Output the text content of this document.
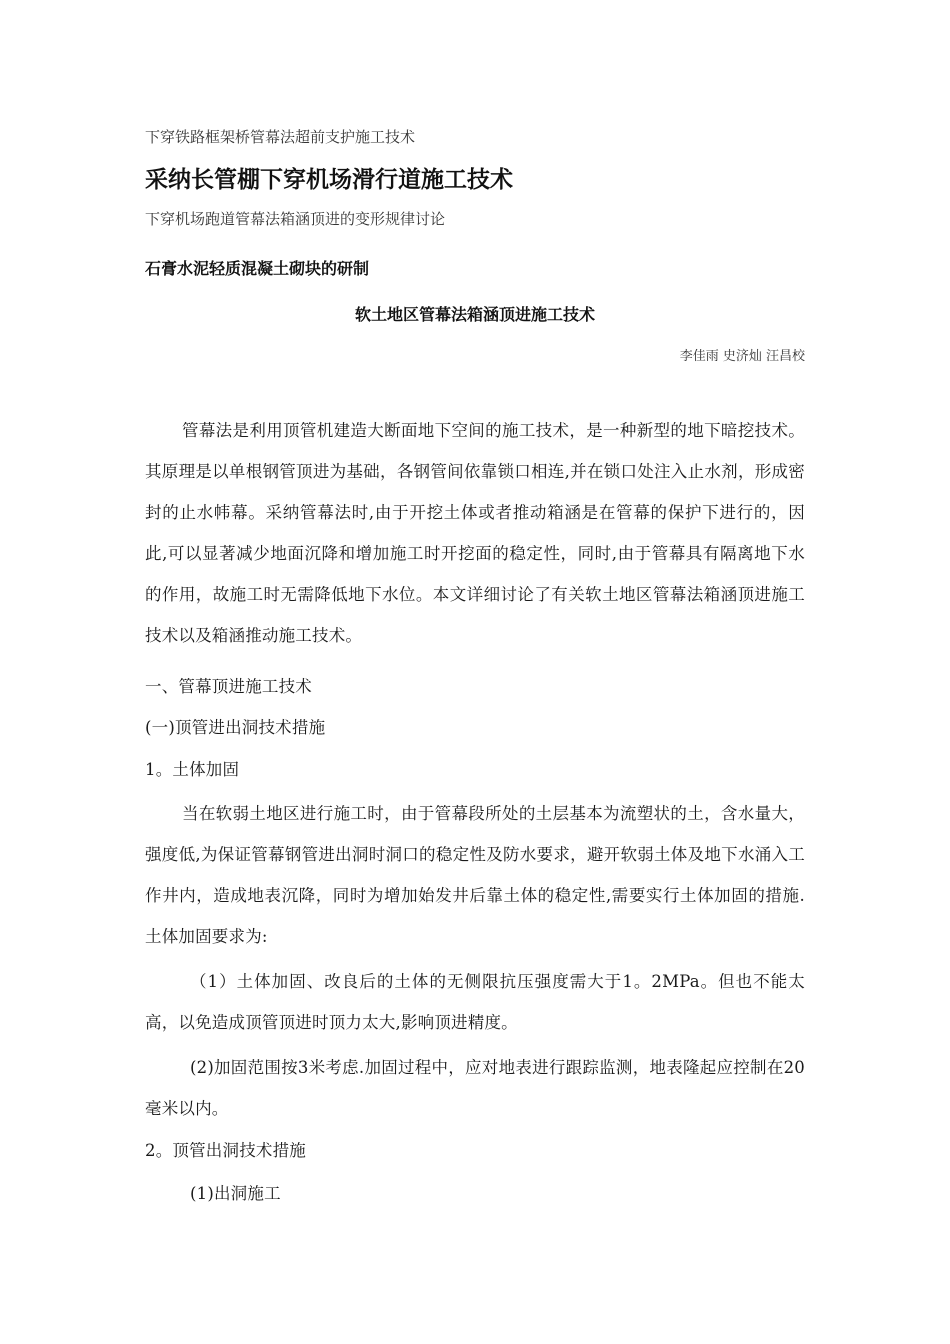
下穿铁路框架桥管幕法超前支护施工技术
采纳长管棚下穿机场滑行道施工技术
下穿机场跑道管幕法箱涵顶进的变形规律讨论
石膏水泥轻质混凝土砌块的研制
软土地区管幕法箱涵顶进施工技术
李佳雨 史济灿 汪昌校
管幕法是利用顶管机建造大断面地下空间的施工技术，是一种新型的地下暗挖技术。其原理是以单根钢管顶进为基础，各钢管间依靠锁口相连,并在锁口处注入止水剂，形成密封的止水帏幕。采纳管幕法时,由于开挖土体或者推动箱涵是在管幕的保护下进行的，因此,可以显著减少地面沉降和增加施工时开挖面的稳定性，同时,由于管幕具有隔离地下水的作用，故施工时无需降低地下水位。本文详细讨论了有关软土地区管幕法箱涵顶进施工技术以及箱涵推动施工技术。
一、管幕顶进施工技术
(一)顶管进出洞技术措施
1。土体加固
当在软弱土地区进行施工时，由于管幕段所处的土层基本为流塑状的土，含水量大，强度低,为保证管幕钢管进出洞时洞口的稳定性及防水要求，避开软弱土体及地下水涌入工作井内，造成地表沉降，同时为增加始发井后靠土体的稳定性,需要实行土体加固的措施.土体加固要求为:
（1）土体加固、改良后的土体的无侧限抗压强度需大于1。2MPa。但也不能太高，以免造成顶管顶进时顶力太大,影响顶进精度。
(2)加固范围按3米考虑.加固过程中，应对地表进行跟踪监测，地表隆起应控制在20毫米以内。
2。顶管出洞技术措施
(1)出洞施工
